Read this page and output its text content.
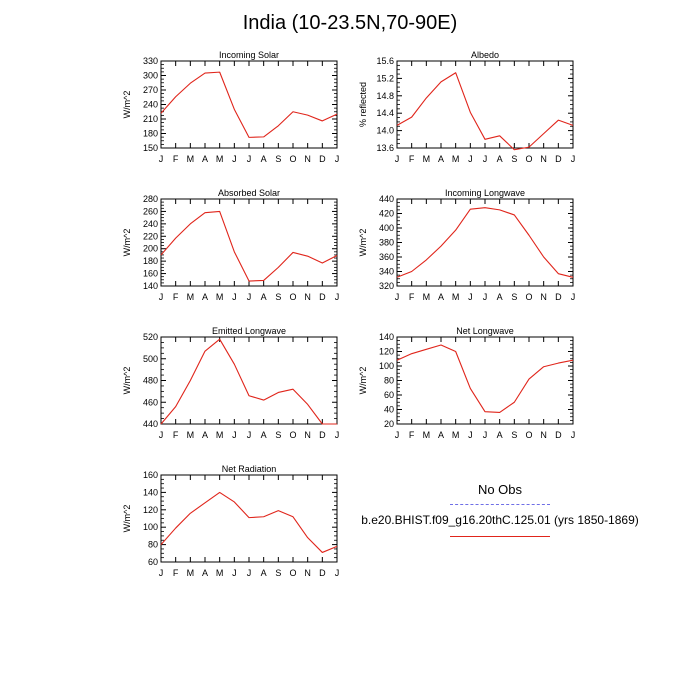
India (10-23.5N,70-90E)
Incoming Solar
150
180
210
240
270
300
330
W/m^2
J F M A M J J A S O N D J
Albedo
13.6
14.0
14.4
14.8
15.2
15.6
% reflected
J F M A M J J A S O N D J
Absorbed Solar
140
160
180
200
220
240
260
280
W/m^2
J F M A M J J A S O N D J
Incoming Longwave
320
340
360
380
400
420
440
W/m^2
J F M A M J J A S O N D J
Emitted Longwave
440
460
480
500
520
W/m^2
J F M A M J J A S O N D J
Net Longwave
20
40
60
80
100
120
140
W/m^2
J F M A M J J A S O N D J
Net Radiation
60
80
100
120
140
160
W/m^2
J F M A M J J A S O N D J
No Obs
b.e20.BHIST.f09_g16.20thC.125.01 (yrs 1850-1869)
